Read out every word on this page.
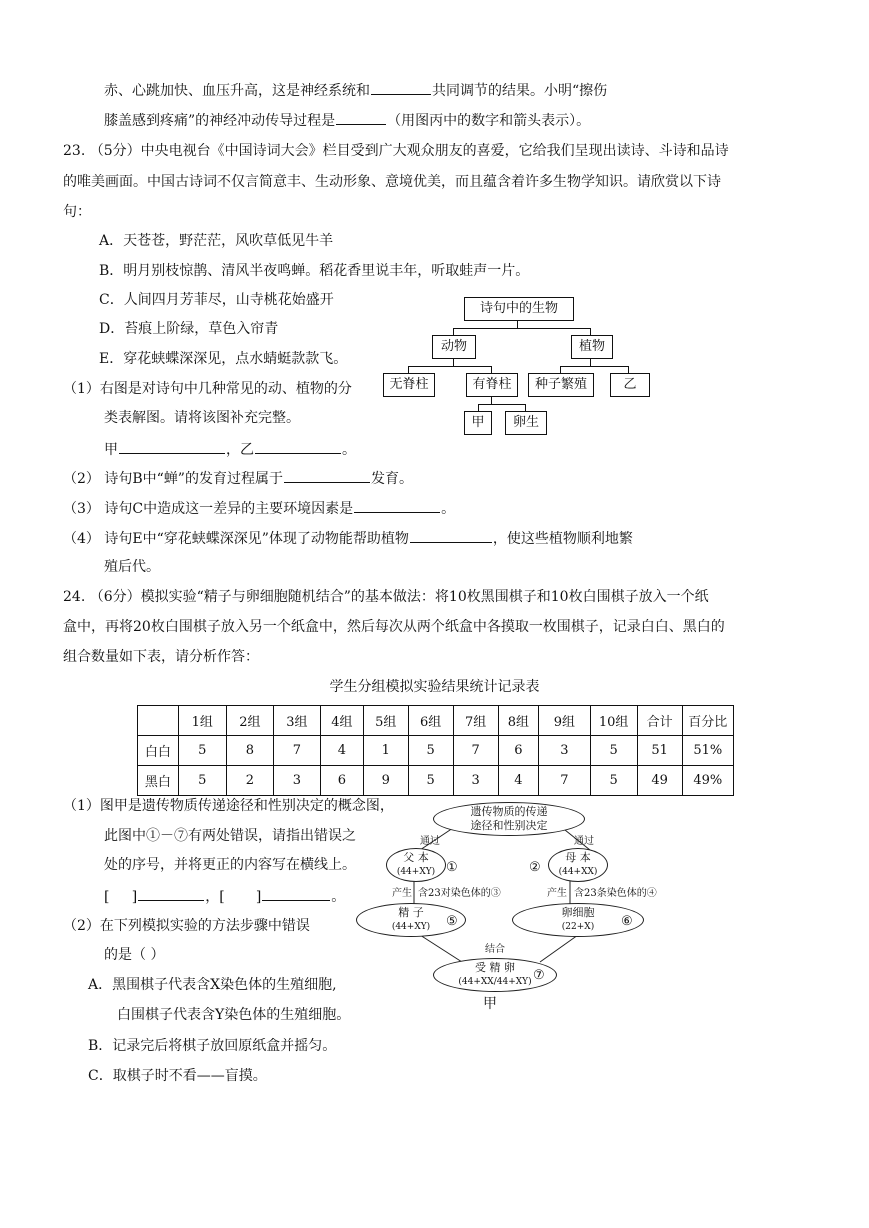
赤、心跳加快、血压升高，这是神经系统和	共同调节的结果。小明“擦伤
膝盖感到疼痛”的神经冲动传导过程是	（用图丙中的数字和箭头表示）。
23. （5分）中央电视台《中国诗词大会》栏目受到广大观众朋友的喜爱，它给我们呈现出读诗、斗诗和品诗
的唯美画面。中国古诗词不仅言简意丰、生动形象、意境优美，而且蕴含着许多生物学知识。请欣赏以下诗
句：
A．天苍苍，野茫茫，风吹草低见牛羊
B．明月别枝惊鹊、清风半夜鸣蝉。稻花香里说丰年，听取蛙声一片。
C．人间四月芳菲尽，山寺桃花始盛开
D．苔痕上阶绿，草色入帘青
E．穿花蛱蝶深深见，点水蜻蜓款款飞。
（1）右图是对诗句中几种常见的动、植物的分
类表解图。请将该图补充完整。
甲	，乙	。
（2） 诗句B中“蝉”的发育过程属于	发育。
（3） 诗句C中造成这一差异的主要环境因素是	。
（4） 诗句E中“穿花蛱蝶深深见”体现了动物能帮助植物	，使这些植物顺利地繁
殖后代。
诗句中的生物
动物	植物
无脊柱	有脊柱	种子繁殖	乙
甲	卵生
24. （6分）模拟实验“精子与卵细胞随机结合”的基本做法：将10枚黑围棋子和10枚白围棋子放入一个纸
盒中，再将20枚白围棋子放入另一个纸盒中，然后每次从两个纸盒中各摸取一枚围棋子，记录白白、黑白的
组合数量如下表，请分析作答：
学生分组模拟实验结果统计记录表
	1组	2组	3组	4组	5组	6组	7组	8组	9组	10组	合计	百分比
白白	5	8	7	4	1	5	7	6	3	5	51	51%
黑白	5	2	3	6	9	5	3	4	7	5	49	49%
（1）图甲是遗传物质传递途径和性别决定的概念图，
此图中①－⑦有两处错误，请指出错误之
处的序号，并将更正的内容写在横线上。
[ ]	，[ ]	。
（2）在下列模拟实验的方法步骤中错误
的是（ ）
A．黑围棋子代表含X染色体的生殖细胞,
白围棋子代表含Y染色体的生殖细胞。
B．记录完后将棋子放回原纸盒并摇匀。
C．取棋子时不看——盲摸。
遗传物质的传递
途径和性别决定
通过	通过
父 本
(44+XY) ①
母 本
(44+XX)
②
产生 含23对染色体的③	产生 含23条染色体的④
精 子
(44+XY)	⑤
卵细胞
(22+X)	⑥
结合
受 精 卵
(44+XX/44+XY) ⑦
甲
